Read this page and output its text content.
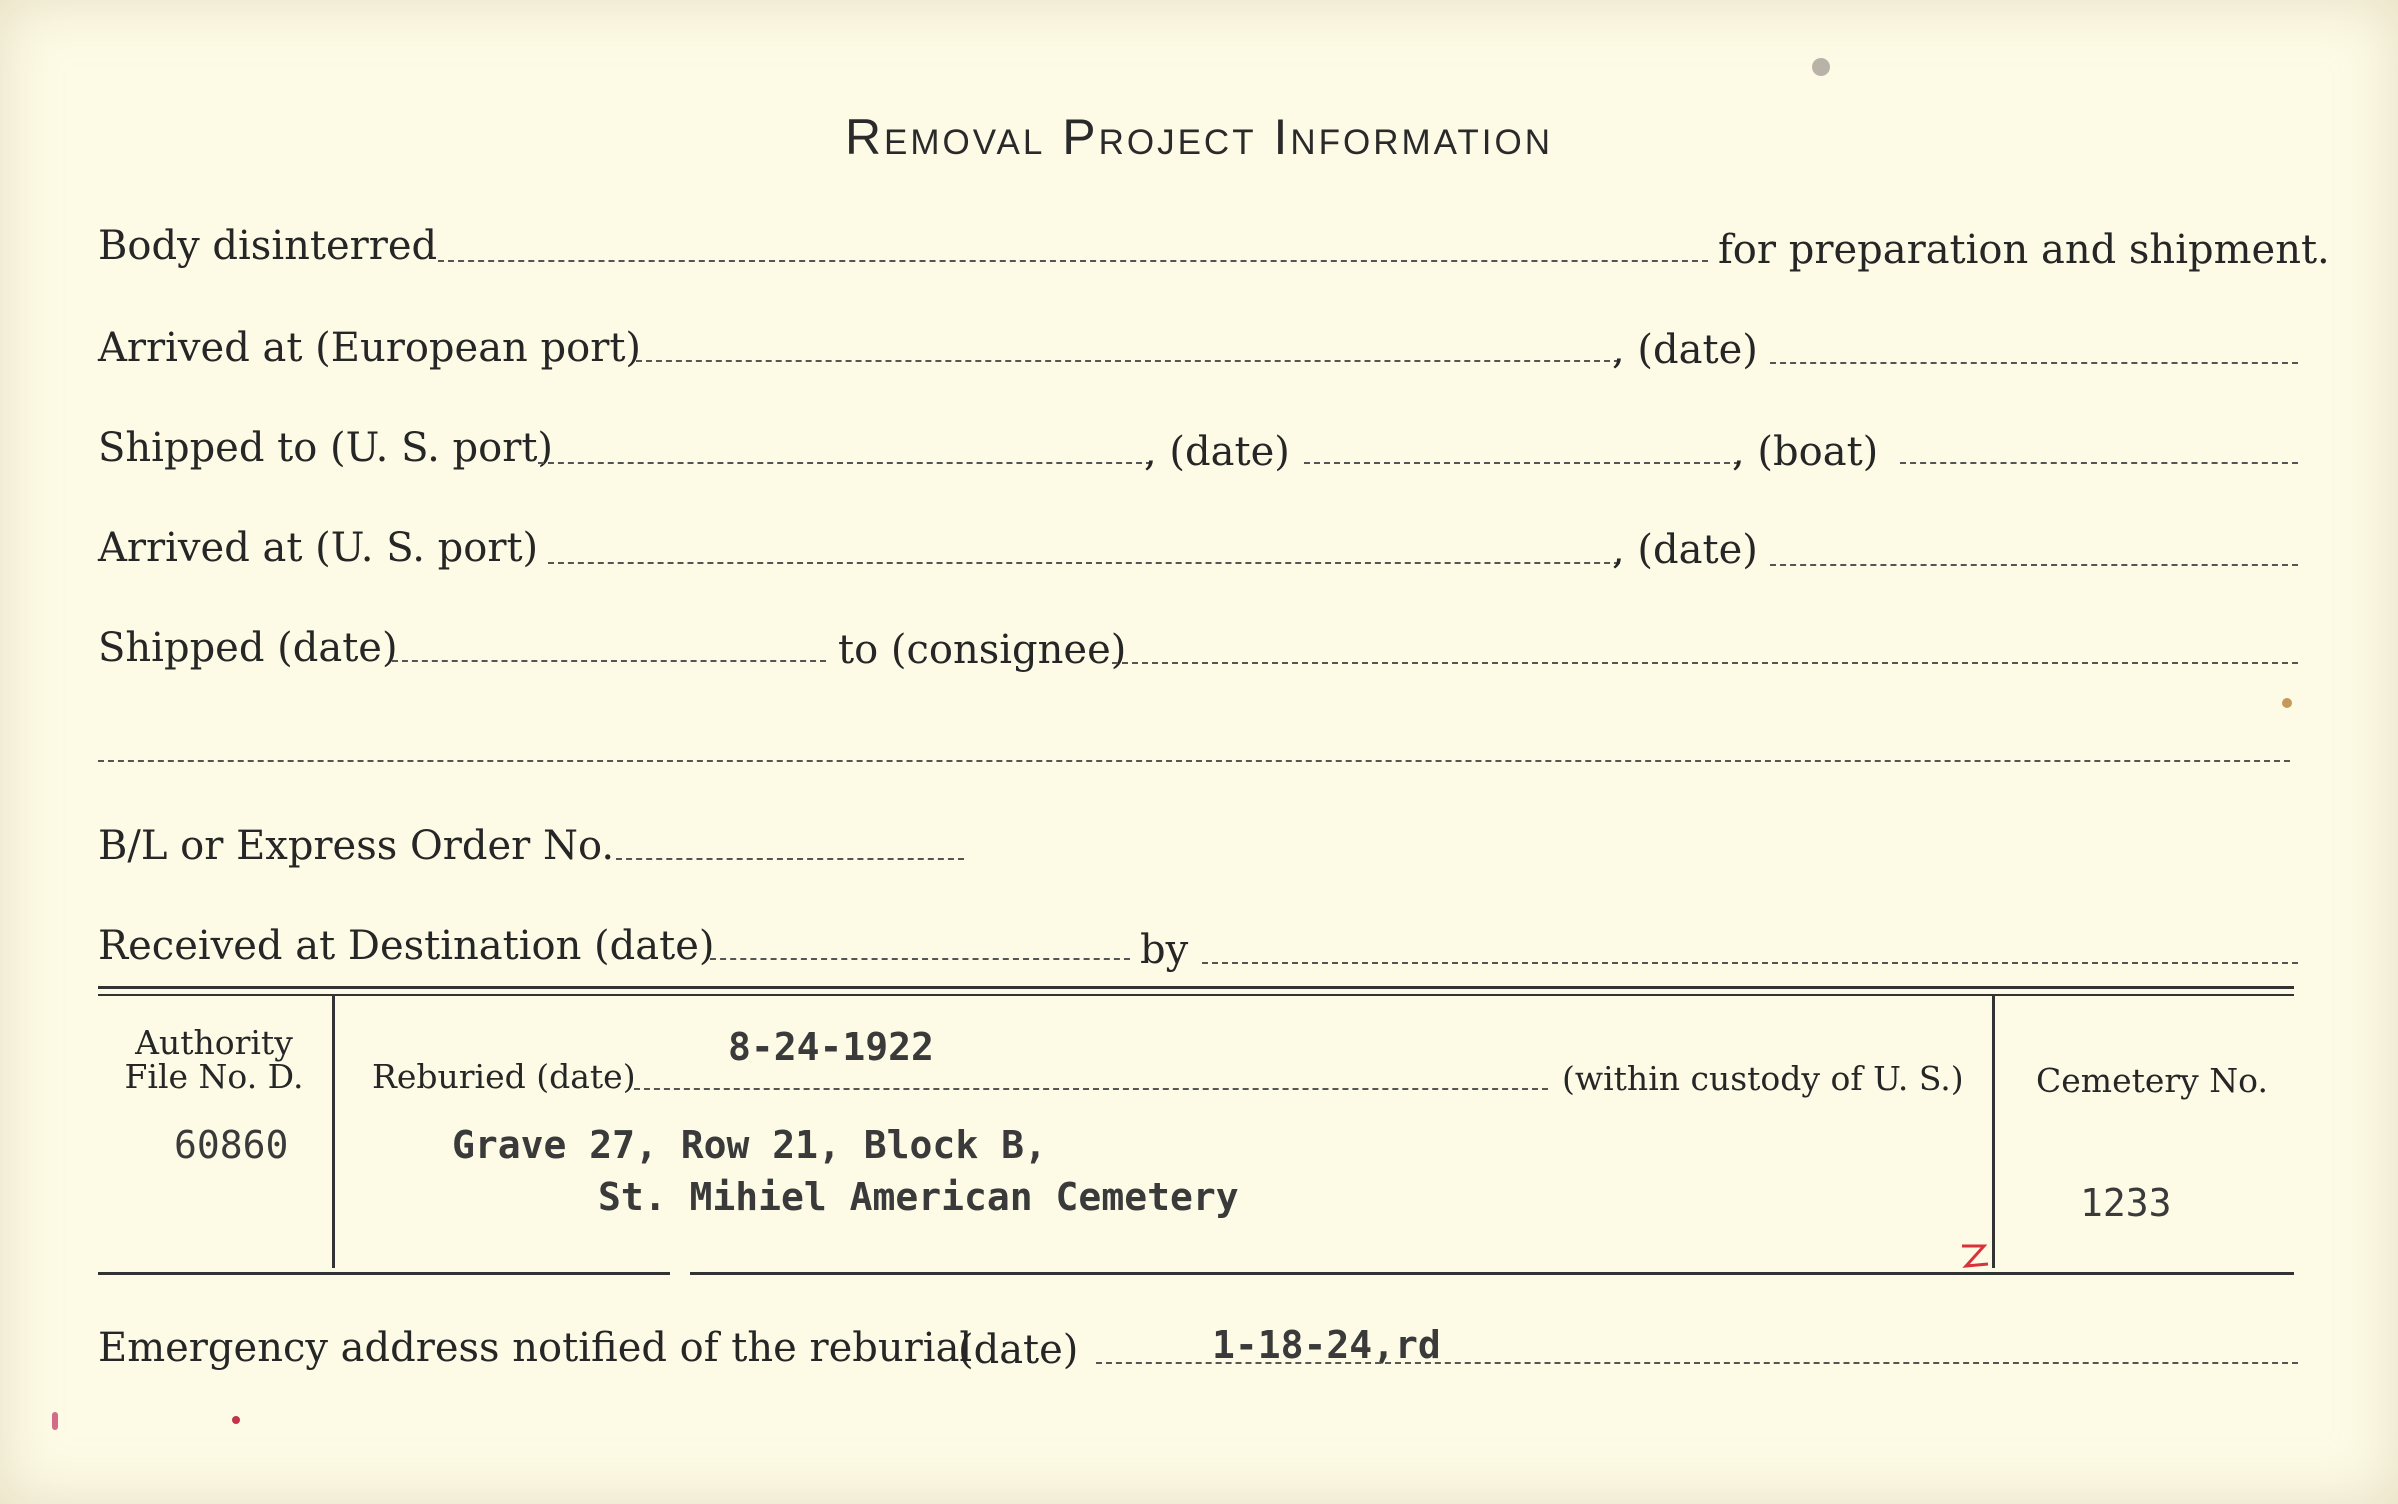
Removal Project Information
Body disinterred	for preparation and shipment.
Arrived at (European port)	, (date)
Shipped to (U. S. port)	, (date)	, (boat)
Arrived at (U. S. port)	, (date)
Shipped (date)	to (consignee)
B/L or Express Order No.
Received at Destination (date)	by
Authority
File No. D.
60860
8-24-1922
Reburied (date)	(within custody of U. S.)
Grave 27, Row 21, Block B,
St. Mihiel American Cemetery
Cemetery No.
1233
Emergency address notified of the reburial
(date)	1-18-24,rd
